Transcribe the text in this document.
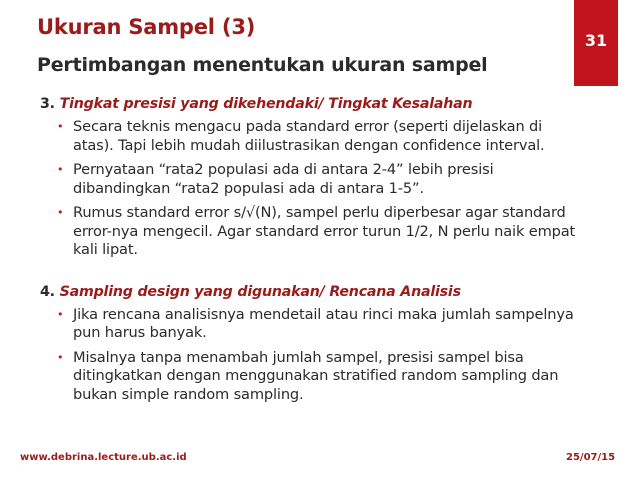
Ukuran Sampel (3)
Pertimbangan menentukan ukuran sampel
31
3. Tingkat presisi yang dikehendaki/ Tingkat Kesalahan
• Secara teknis mengacu pada standard error (seperti dijelaskan di atas). Tapi lebih mudah diilustrasikan dengan confidence interval.
• Pernyataan “rata2 populasi ada di antara 2-4” lebih presisi dibandingkan “rata2 populasi ada di antara 1-5”.
• Rumus standard error s/√(N), sampel perlu diperbesar agar standard error-nya mengecil. Agar standard error turun 1/2, N perlu naik empat kali lipat.
4. Sampling design yang digunakan/ Rencana Analisis
• Jika rencana analisisnya mendetail atau rinci maka jumlah sampelnya pun harus banyak.
• Misalnya tanpa menambah jumlah sampel, presisi sampel bisa ditingkatkan dengan menggunakan stratified random sampling dan bukan simple random sampling.
www.debrina.lecture.ub.ac.id	25/07/15
